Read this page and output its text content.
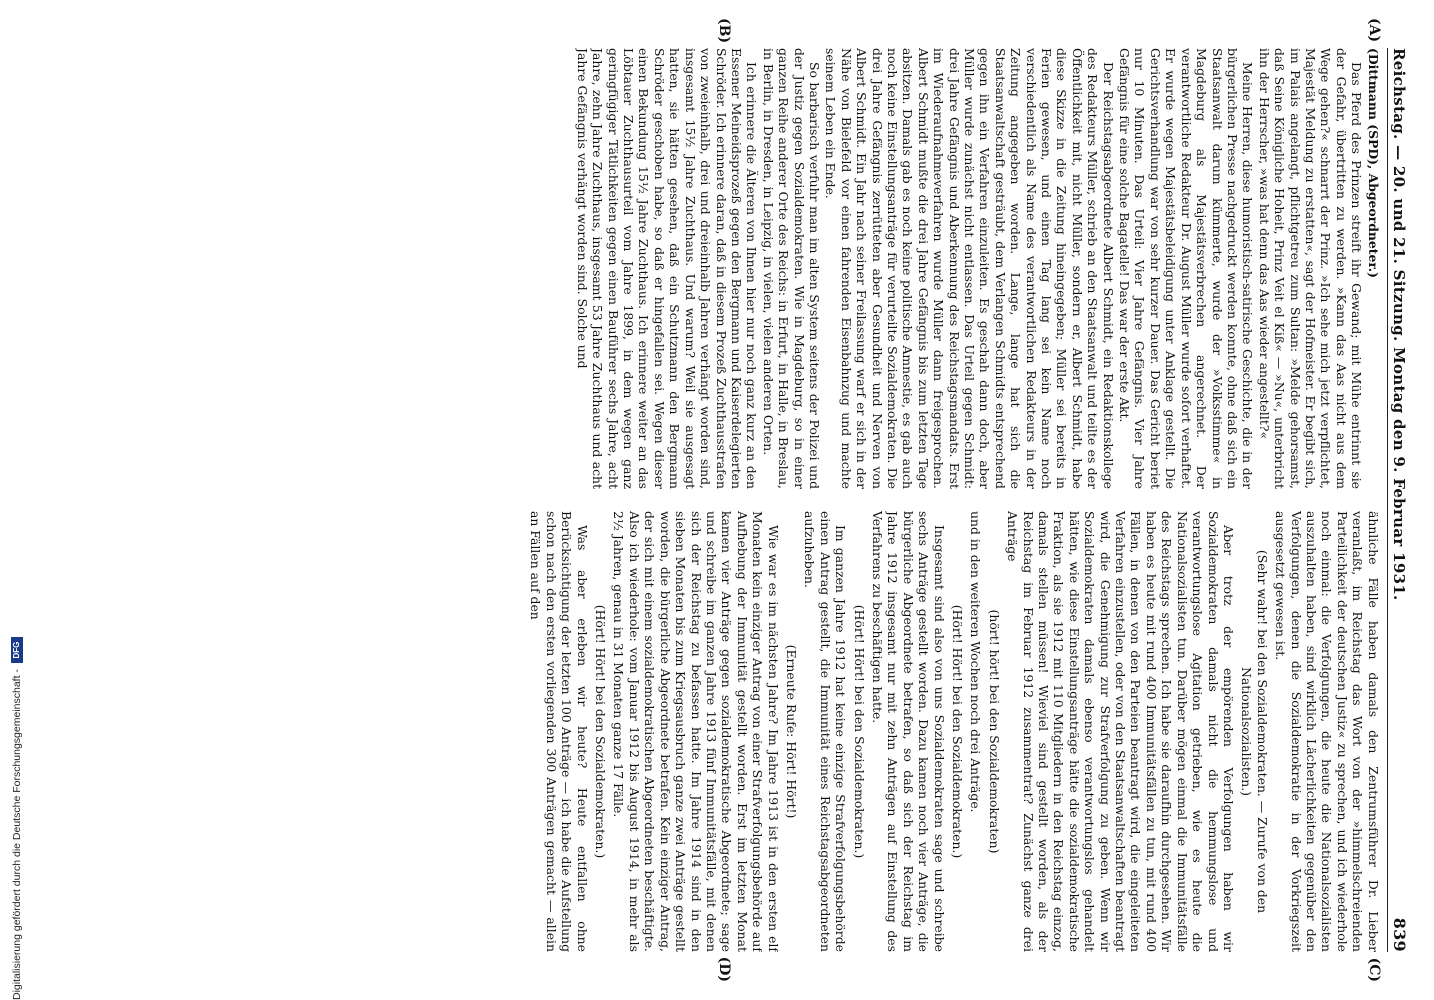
Reichstag. — 20. und 21. Sitzung. Montag den 9. Februar 1931.
839
(A)
(B)
(C)
(D)

(Dittmann (SPD), Abgeordneter.)

Das Pferd des Prinzen streift ihr Gewand; mit Mühe entrinnt sie der Gefahr, übertritten zu werden. »Kann das Aas nicht aus dem Wege gehen?« schnarrt der Prinz. »Ich sehe mich jetzt verpflichtet, Majestät Meldung zu erstatten«, sagt der Hofmeister. Er begibt sich, im Palais angelangt, pflichtgetreu zum Sultan: »Melde gehorsamst, daß Seine Königliche Hoheit, Prinz Veit el Kiß« — »Nu«, unterbricht ihn der Herrscher, »was hat denn das Aas wieder angestellt?«

Meine Herren, diese humoristisch-satirische Geschichte, die in der bürgerlichen Presse nachgedruckt werden konnte, ohne daß sich ein Staatsanwalt darum kümmerte, wurde der »Volksstimme« in Magdeburg als Majestätsverbrechen angerechnet. Der verantwortliche Redakteur Dr. August Müller wurde sofort verhaftet. Er wurde wegen Majestätsbeleidigung unter Anklage gestellt. Die Gerichtsverhandlung war von sehr kurzer Dauer. Das Gericht beriet nur 10 Minuten. Das Urteil: Vier Jahre Gefängnis. Vier Jahre Gefängnis für eine solche Bagatelle! Das war der erste Akt.

Der Reichstagsabgeordnete Albert Schmidt, ein Redaktionskollege des Redakteurs Müller, schrieb an den Staatsanwalt und teilte es der Öffentlichkeit mit, nicht Müller, sondern er, Albert Schmidt, habe diese Skizze in die Zeitung hineingegeben; Müller sei bereits in Ferien gewesen, und einen Tag lang sei kein Name noch verschiedentlich als Name des verantwortlichen Redakteurs in der Zeitung angegeben worden. Lange, lange hat sich die Staatsanwaltschaft gesträubt, dem Verlangen Schmidts entsprechend gegen ihn ein Verfahren einzuleiten. Es geschah dann doch, aber Müller wurde zunächst nicht entlassen. Das Urteil gegen Schmidt: drei Jahre Gefängnis und Aberkennung des Reichstagsmandats. Erst im Wiederaufnahmeverfahren wurde Müller dann freigesprochen. Albert Schmidt mußte die drei Jahre Gefängnis bis zum letzten Tage absitzen. Damals gab es noch keine politische Amnestie, es gab auch noch keine Einstellungsanträge für verurteilte Sozialdemokraten. Die drei Jahre Gefängnis zerrütteten aber Gesundheit und Nerven von Albert Schmidt. Ein Jahr nach seiner Freilassung warf er sich in der Nähe von Bielefeld vor einen fahrenden Eisenbahnzug und machte seinem Leben ein Ende.

So barbarisch verfuhr man im alten System seitens der Polizei und der Justiz gegen Sozialdemokraten. Wie in Magdeburg, so in einer ganzen Reihe anderer Orte des Reichs: in Erfurt, in Halle, in Breslau, in Berlin, in Dresden, in Leipzig, in vielen, vielen anderen Orten.

Ich erinnere die Älteren von Ihnen hier nur noch ganz kurz an den Essener Meineidsprozeß gegen den Bergmann und Kaiserdelegierten Schröder. Ich erinnere daran, daß in diesem Prozeß Zuchthausstrafen von zweieinhalb, drei und dreieinhalb Jahren verhängt worden sind, insgesamt 15½ Jahre Zuchthaus. Und warum? Weil sie ausgesagt hatten, sie hätten gesehen, daß ein Schutzmann den Bergmann Schröder geschoben habe, so daß er hingefallen sei. Wegen dieser einen Bekundung 15½ Jahre Zuchthaus. Ich erinnere weiter an das Löbtauer Zuchthausurteil vom Jahre 1899, in dem wegen ganz geringfügiger Tätlichkeiten gegen einen Bauführer sechs Jahre, acht Jahre, zehn Jahre Zuchthaus, insgesamt 53 Jahre Zuchthaus und acht Jahre Gefängnis verhängt worden sind. Solche und

ähnliche Fälle haben damals den Zentrumsführer Dr. Lieber veranlaßt, im Reichstag das Wort von der »himmelschreienden Parteilichkeit der deutschen Justiz« zu sprechen, und ich wiederhole noch einmal: die Verfolgungen, die heute die Nationalsozialisten auszuhalten haben, sind wirklich Lächerlichkeiten gegenüber den Verfolgungen, denen die Sozialdemokratie in der Vorkriegszeit ausgesetzt gewesen ist.

(Sehr wahr! bei den Sozialdemokraten. — Zurufe von den Nationalsozialisten.)

Aber trotz der empörenden Verfolgungen haben wir Sozialdemokraten damals nicht die hemmungslose und verantwortungslose Agitation getrieben, wie es heute die Nationalsozialisten tun. Darüber mögen einmal die Immunitätsfälle des Reichstags sprechen. Ich habe sie daraufhin durchgesehen. Wir haben es heute mit rund 400 Immunitätsfällen zu tun, mit rund 400 Fällen, in denen von den Parteien beantragt wird, die eingeleiteten Verfahren einzustellen, oder von den Staatsanwaltschaften beantragt wird, die Genehmigung zur Strafverfolgung zu geben. Wenn wir Sozialdemokraten damals ebenso verantwortungslos gehandelt hätten, wie diese Einstellungsanträge hätte die sozialdemokratische Fraktion, als sie 1912 mit 110 Mitgliedern in den Reichstag einzog, damals stellen müssen! Wieviel sind gestellt worden, als der Reichstag im Februar 1912 zusammentrat? Zunächst ganze drei Anträge

(hört! hört! bei den Sozialdemokraten)

und in den weiteren Wochen noch drei Anträge.

(Hört! Hört! bei den Sozialdemokraten.)

Insgesamt sind also von uns Sozialdemokraten sage und schreibe sechs Anträge gestellt worden. Dazu kamen noch vier Anträge, die bürgerliche Abgeordnete betrafen, so daß sich der Reichstag im Jahre 1912 insgesamt nur mit zehn Anträgen auf Einstellung des Verfahrens zu beschäftigen hatte.

(Hört! Hört! bei den Sozialdemokraten.)

Im ganzen Jahre 1912 hat keine einzige Strafverfolgungsbehörde einen Antrag gestellt, die Immunität eines Reichstagsabgeordneten aufzuheben.

(Erneute Rufe: Hört! Hört!)

Wie war es im nächsten Jahre? Im Jahre 1913 ist in den ersten elf Monaten kein einziger Antrag von einer Strafverfolgungsbehörde auf Aufhebung der Immunität gestellt worden. Erst im letzten Monat kamen vier Anträge gegen sozialdemokratische Abgeordnete; sage und schreibe im ganzen Jahre 1913 fünf Immunitätsfälle, mit denen sich der Reichstag zu befassen hatte. Im Jahre 1914 sind in den sieben Monaten bis zum Kriegsausbruch ganze zwei Anträge gestellt worden, die bürgerliche Abgeordnete betrafen. Kein einziger Antrag, der sich mit einem sozialdemokratischen Abgeordneten beschäftigte. Also ich wiederhole: vom Januar 1912 bis August 1914, in mehr als 2½ Jahren, genau in 31 Monaten ganze 17 Fälle.

(Hört! Hört! bei den Sozialdemokraten.)

Was aber erleben wir heute? Heute entfallen ohne Berücksichtigung der letzten 100 Anträge — ich habe die Aufstellung schon nach den ersten vorliegenden 300 Anträgen gemacht — allein an Fällen auf den

Digitalisierung gefördert durch die Deutsche Forschungsgemeinschaft -
DFG
